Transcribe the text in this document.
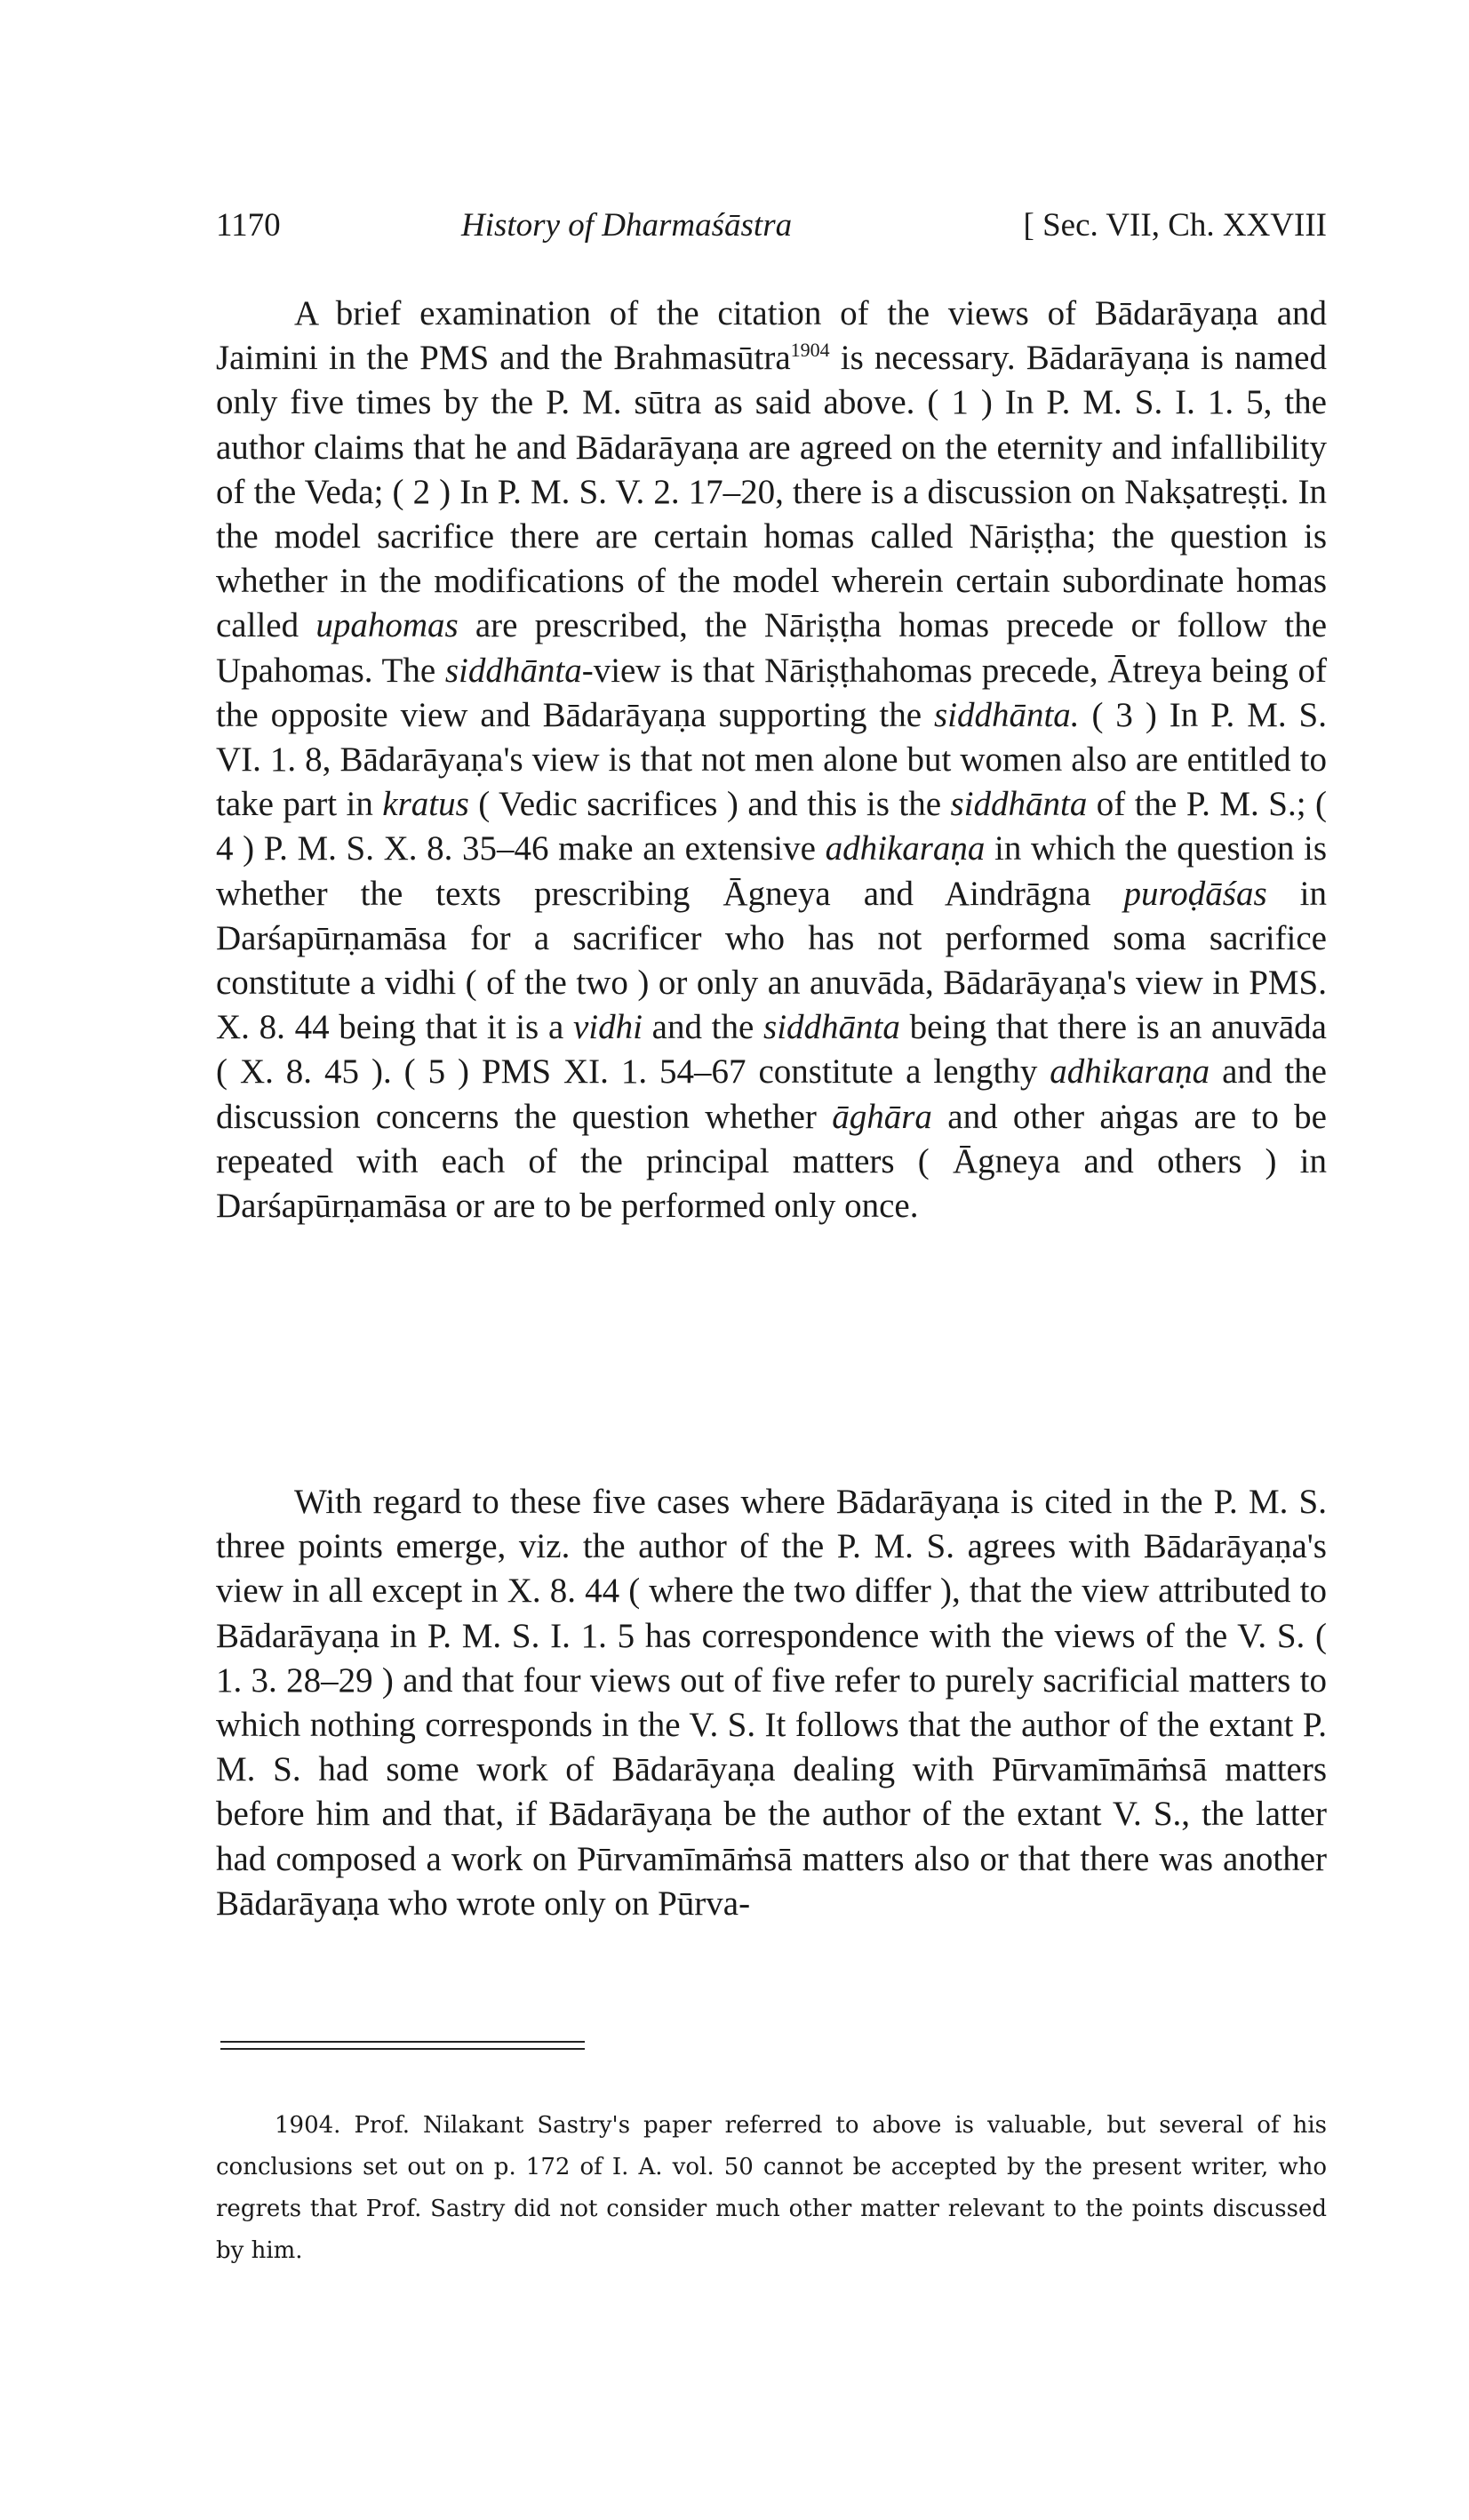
1170	History of Dharmaśāstra	[ Sec. VII, Ch. XXVIII

A brief examination of the citation of the views of Bādarāyaṇa and Jaimini in the PMS and the Brahmasūtra$^{1904}$ is necessary. Bādarāyaṇa is named only five times by the P. M. sūtra as said above. ( 1 ) In P. M. S. I. 1. 5, the author claims that he and Bādarāyaṇa are agreed on the eternity and infallibility of the Veda; ( 2 ) In P. M. S. V. 2. 17–20, there is a discussion on Nakṣatreṣṭi. In the model sacrifice there are certain homas called Nāriṣṭha; the question is whether in the modifications of the model wherein certain subordinate homas called upahomas are prescribed, the Nāriṣṭha homas precede or follow the Upahomas. The siddhānta-view is that Nāriṣṭhahomas precede, Ātreya being of the opposite view and Bādarāyaṇa supporting the siddhānta. ( 3 ) In P. M. S. VI. 1. 8, Bādarāyaṇa's view is that not men alone but women also are entitled to take part in kratus ( Vedic sacrifices ) and this is the siddhānta of the P. M. S.; ( 4 ) P. M. S. X. 8. 35–46 make an extensive adhikaraṇa in which the question is whether the texts prescribing Āgneya and Aindrāgna puroḍāśas in Darśapūrṇamāsa for a sacrificer who has not performed soma sacrifice constitute a vidhi ( of the two ) or only an anuvāda, Bādarāyaṇa's view in PMS. X. 8. 44 being that it is a vidhi and the siddhānta being that there is an anuvāda ( X. 8. 45 ). ( 5 ) PMS XI. 1. 54–67 constitute a lengthy adhikaraṇa and the discussion concerns the question whether āghāra and other aṅgas are to be repeated with each of the principal matters ( Āgneya and others ) in Darśapūrṇamāsa or are to be performed only once.

With regard to these five cases where Bādarāyaṇa is cited in the P. M. S. three points emerge, viz. the author of the P. M. S. agrees with Bādarāyaṇa's view in all except in X. 8. 44 ( where the two differ ), that the view attributed to Bādarāyaṇa in P. M. S. I. 1. 5 has correspondence with the views of the V. S. ( 1. 3. 28–29 ) and that four views out of five refer to purely sacrificial matters to which nothing corresponds in the V. S. It follows that the author of the extant P. M. S. had some work of Bādarāyaṇa dealing with Pūrvamīmāṁsā matters before him and that, if Bādarāyaṇa be the author of the extant V. S., the latter had composed a work on Pūrvamīmāṁsā matters also or that there was another Bādarāyaṇa who wrote only on Pūrva-

1904. Prof. Nilakant Sastry's paper referred to above is valuable, but several of his conclusions set out on p. 172 of I. A. vol. 50 cannot be accepted by the present writer, who regrets that Prof. Sastry did not consider much other matter relevant to the points discussed by him.
